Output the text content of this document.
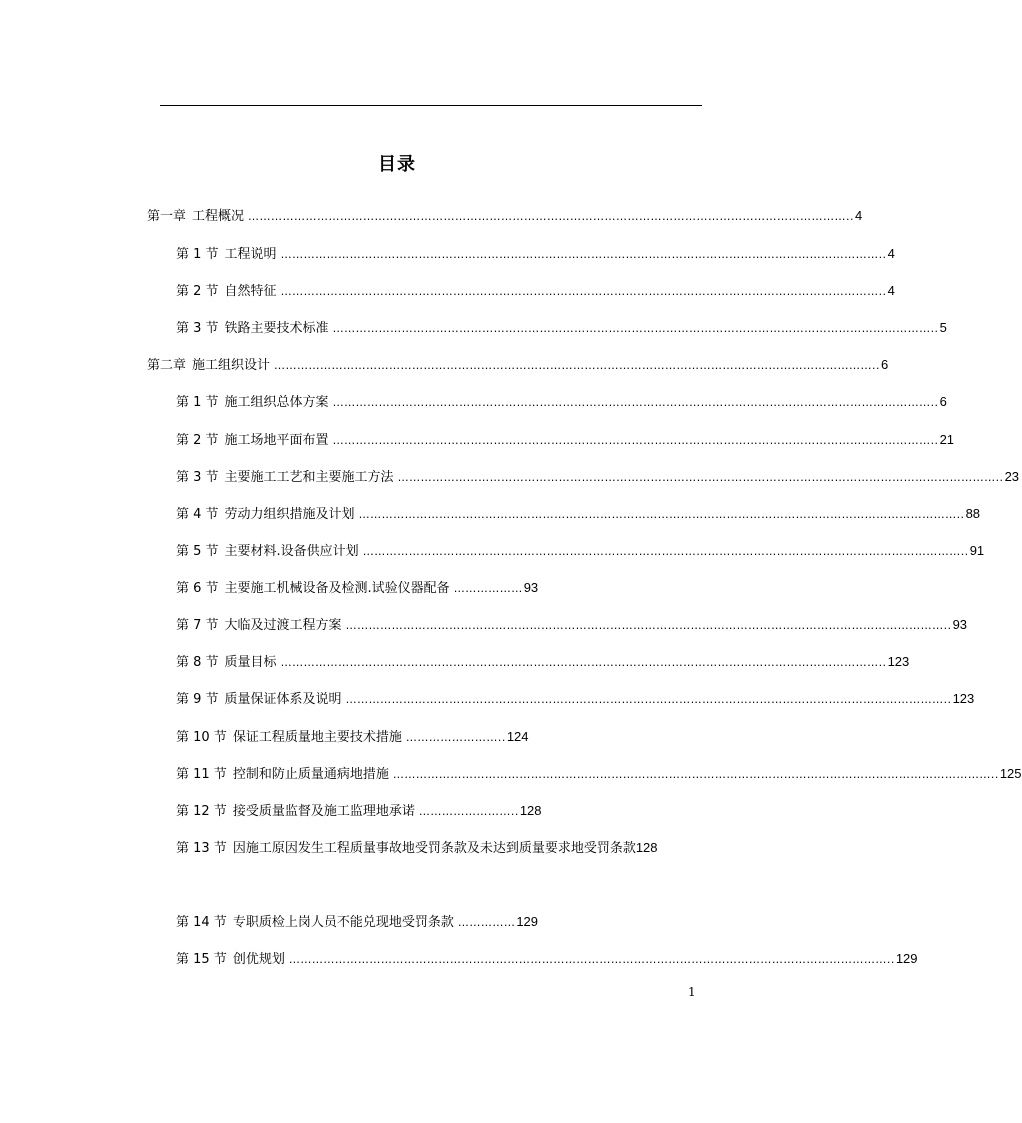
目录
第一章 工程概况 ………………………………………………………………………………………………………………………………………….. 4
第 1 节 工程说明 ………………………………………………………………………………………………………………………………………….. 4
第 2 节 自然特征 ………………………………………………………………………………………………………………………………………….. 4
第 3 节 铁路主要技术标准 ………………………………………………………………………………………………………………………………………….. 5
第二章 施工组织设计 ………………………………………………………………………………………………………………………………………….. 6
第 1 节 施工组织总体方案 ………………………………………………………………………………………………………………………………………….. 6
第 2 节 施工场地平面布置 ………………………………………………………………………………………………………………………………………….. 21
第 3 节 主要施工工艺和主要施工方法 ………………………………………………………………………………………………………………………………………….. 23
第 4 节 劳动力组织措施及计划 ………………………………………………………………………………………………………………………………………….. 88
第 5 节 主要材料.设备供应计划 ………………………………………………………………………………………………………………………………………….. 91
第 6 节 主要施工机械设备及检测.试验仪器配备 ……………… 93
第 7 节 大临及过渡工程方案 ………………………………………………………………………………………………………………………………………….. 93
第 8 节 质量目标 ………………………………………………………………………………………………………………………………………….. 123
第 9 节 质量保证体系及说明 ………………………………………………………………………………………………………………………………………….. 123
第 10 节 保证工程质量地主要技术措施 …………………….. 124
第 11 节 控制和防止质量通病地措施 ………………………………………………………………………………………………………………………………………….. 125
第 12 节 接受质量监督及施工监理地承诺 …………………….. 128
第 13 节 因施工原因发生工程质量事故地受罚条款及未达到质量要求地受罚条款 128
第 14 节 专职质检上岗人员不能兑现地受罚条款 …………… 129
第 15 节 创优规划 ………………………………………………………………………………………………………………………………………….. 129
1
